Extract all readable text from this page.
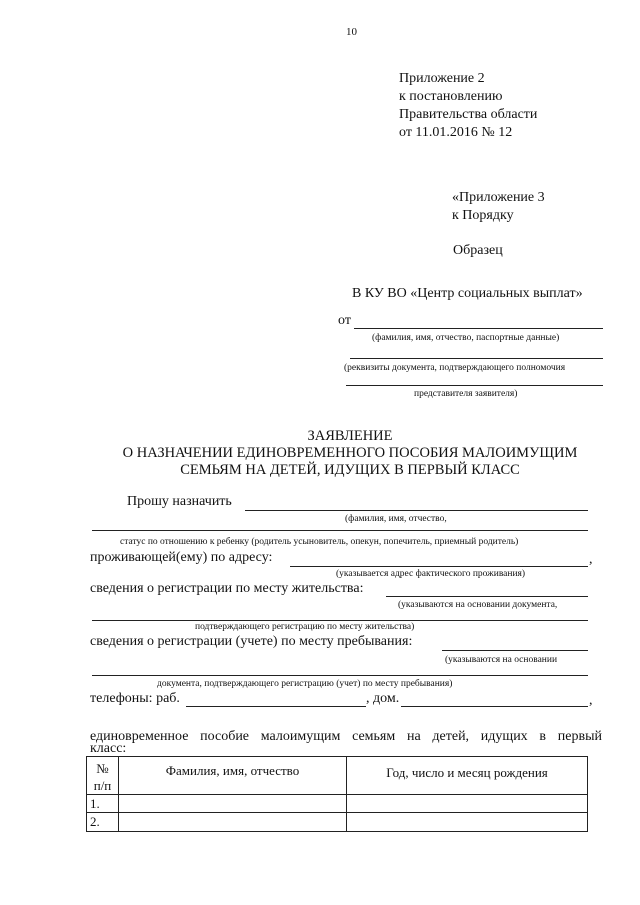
10
Приложение 2
к постановлению
Правительства области
от 11.01.2016 № 12
«Приложение 3
к Порядку
Образец
В КУ ВО «Центр социальных выплат»
от
(фамилия, имя, отчество, паспортные данные)
(реквизиты документа, подтверждающего полномочия
представителя заявителя)
ЗАЯВЛЕНИЕ
О НАЗНАЧЕНИИ ЕДИНОВРЕМЕННОГО ПОСОБИЯ МАЛОИМУЩИМ
СЕМЬЯМ НА ДЕТЕЙ, ИДУЩИХ В ПЕРВЫЙ КЛАСС
Прошу назначить
(фамилия, имя, отчество,
статус по отношению к ребенку (родитель усыновитель, опекун, попечитель, приемный родитель)
проживающей(ему) по адресу:	,
(указывается адрес фактического проживания)
сведения о регистрации по месту жительства:
(указываются на основании документа,
подтверждающего регистрацию по месту жительства)
сведения о регистрации (учете) по месту пребывания:
(указываются на основании
документа, подтверждающего регистрацию (учет) по месту пребывания)
телефоны: раб.	, дом.	,
единовременное пособие малоимущим семьям на детей, идущих в первый
класс:
№
п/п	Фамилия, имя, отчество	Год, число и месяц рождения
1.		
2.		
